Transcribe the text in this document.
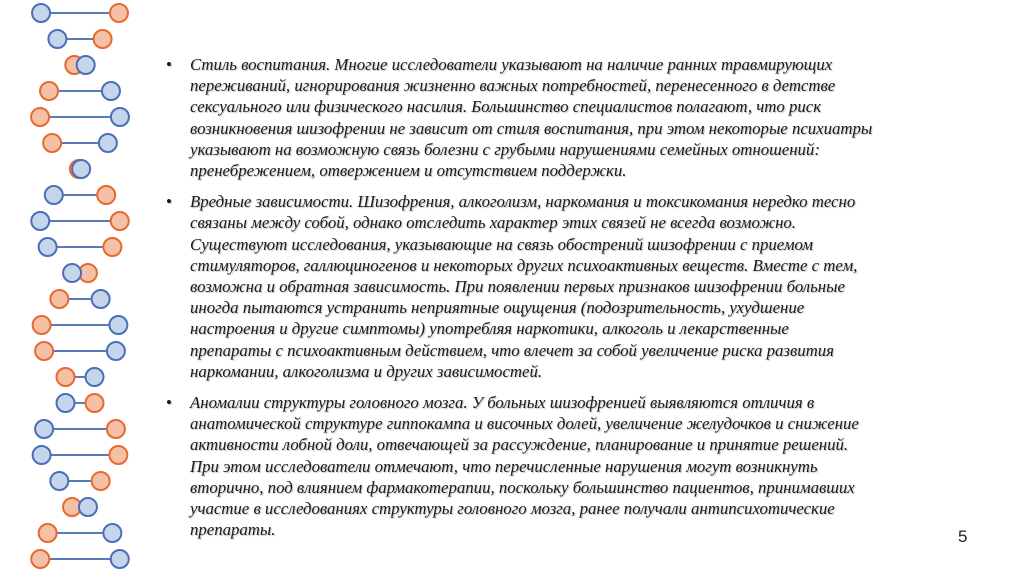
•	Стиль воспитания. Многие исследователи указывают на наличие ранних травмирующих
переживаний, игнорирования жизненно важных потребностей, перенесенного в детстве
сексуального или физического насилия. Большинство специалистов полагают, что риск
возникновения шизофрении не зависит от стиля воспитания, при этом некоторые психиатры
указывают на возможную связь болезни с грубыми нарушениями семейных отношений:
пренебрежением, отвержением и отсутствием поддержки.
•	Вредные зависимости. Шизофрения, алкоголизм, наркомания и токсикомания нередко тесно
связаны между собой, однако отследить характер этих связей не всегда возможно.
Существуют исследования, указывающие на связь обострений шизофрении с приемом
стимуляторов, галлюциногенов и некоторых других психоактивных веществ. Вместе с тем,
возможна и обратная зависимость. При появлении первых признаков шизофрении больные
иногда пытаются устранить неприятные ощущения (подозрительность, ухудшение
настроения и другие симптомы) употребляя наркотики, алкоголь и лекарственные
препараты с психоактивным действием, что влечет за собой увеличение риска развития
наркомании, алкоголизма и других зависимостей.
•	Аномалии структуры головного мозга. У больных шизофренией выявляются отличия в
анатомической структуре гиппокампа и височных долей, увеличение желудочков и снижение
активности лобной доли, отвечающей за рассуждение, планирование и принятие решений.
При этом исследователи отмечают, что перечисленные нарушения могут возникнуть
вторично, под влиянием фармакотерапии, поскольку большинство пациентов, принимавших
участие в исследованиях структуры головного мозга, ранее получали антипсихотические
препараты.	5
